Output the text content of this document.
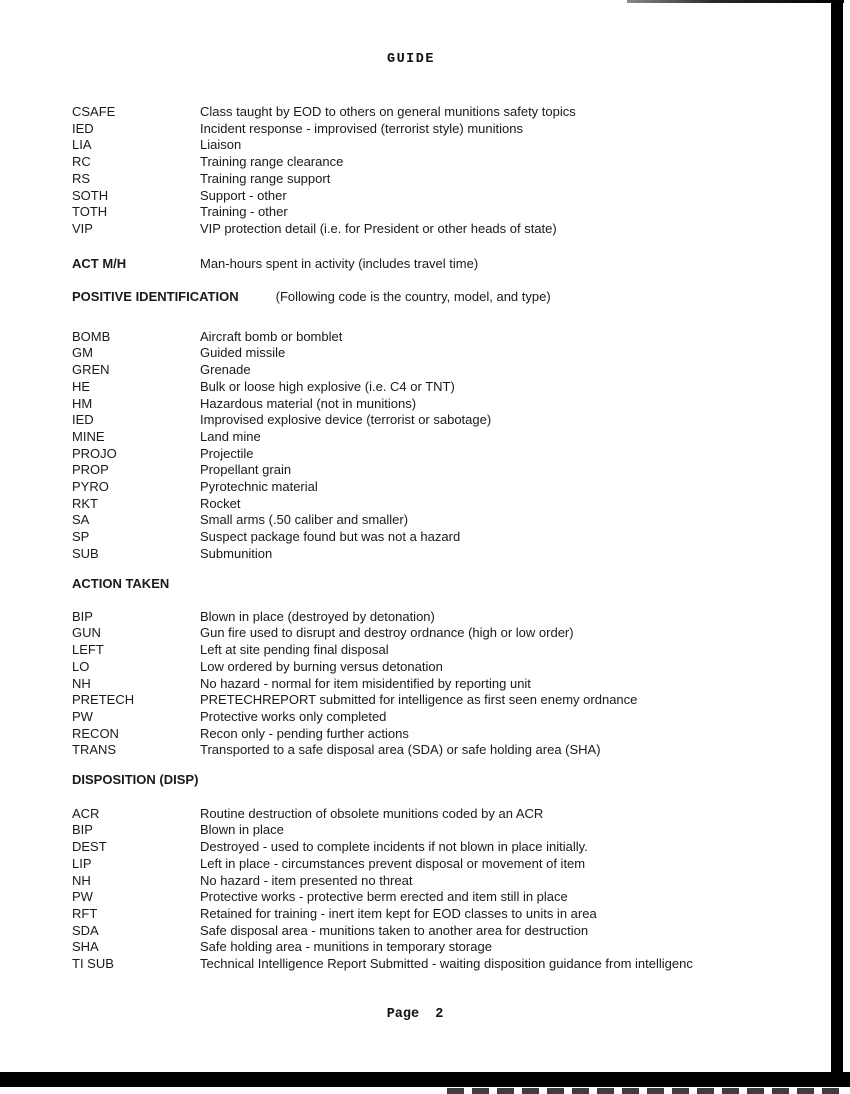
GUIDE
CSAFE	Class taught by EOD to others on general munitions safety topics
IED	Incident response - improvised (terrorist style) munitions
LIA	Liaison
RC	Training range clearance
RS	Training range support
SOTH	Support - other
TOTH	Training - other
VIP	VIP protection detail (i.e. for President or other heads of state)
ACT M/H	Man-hours spent in activity (includes travel time)
POSITIVE IDENTIFICATION	(Following code is the country, model, and type)
BOMB	Aircraft bomb or bomblet
GM	Guided missile
GREN	Grenade
HE	Bulk or loose high explosive (i.e. C4 or TNT)
HM	Hazardous material (not in munitions)
IED	Improvised explosive device (terrorist or sabotage)
MINE	Land mine
PROJO	Projectile
PROP	Propellant grain
PYRO	Pyrotechnic material
RKT	Rocket
SA	Small arms (.50 caliber and smaller)
SP	Suspect package found but was not a hazard
SUB	Submunition
ACTION TAKEN
BIP	Blown in place (destroyed by detonation)
GUN	Gun fire used to disrupt and destroy ordnance (high or low order)
LEFT	Left at site pending final disposal
LO	Low ordered by burning versus detonation
NH	No hazard - normal for item misidentified by reporting unit
PRETECH	PRETECHREPORT submitted for intelligence as first seen enemy ordnance
PW	Protective works only completed
RECON	Recon only - pending further actions
TRANS	Transported to a safe disposal area (SDA) or safe holding area (SHA)
DISPOSITION (DISP)
ACR	Routine destruction of obsolete munitions coded by an ACR
BIP	Blown in place
DEST	Destroyed - used to complete incidents if not blown in place initially.
LIP	Left in place - circumstances prevent disposal or movement of item
NH	No hazard - item presented no threat
PW	Protective works - protective berm erected and item still in place
RFT	Retained for training - inert item kept for EOD classes to units in area
SDA	Safe disposal area - munitions taken to another area for destruction
SHA	Safe holding area - munitions in temporary storage
TI SUB	Technical Intelligence Report Submitted - waiting disposition guidance from intelligenc
Page 2
